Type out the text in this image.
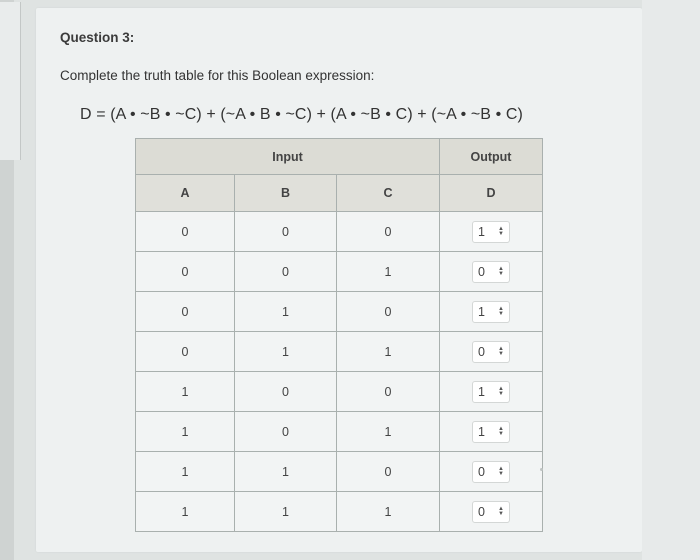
Question 3:
Complete the truth table for this Boolean expression:
D = (A • ~B • ~C) + (~A • B • ~C) + (A • ~B • C) + (~A • ~B • C)
Input			Output
A	B	C	D
0	0	0	1 ▲
▼

0	0	1	0 ▲
▼

0	1	0	1 ▲
▼

0	1	1	0 ▲
▼

1	0	0	1 ▲
▼

1	0	1	1 ▲
▼

1	1	0	0 ▲
▼

1	1	1	0 ▲
▼
